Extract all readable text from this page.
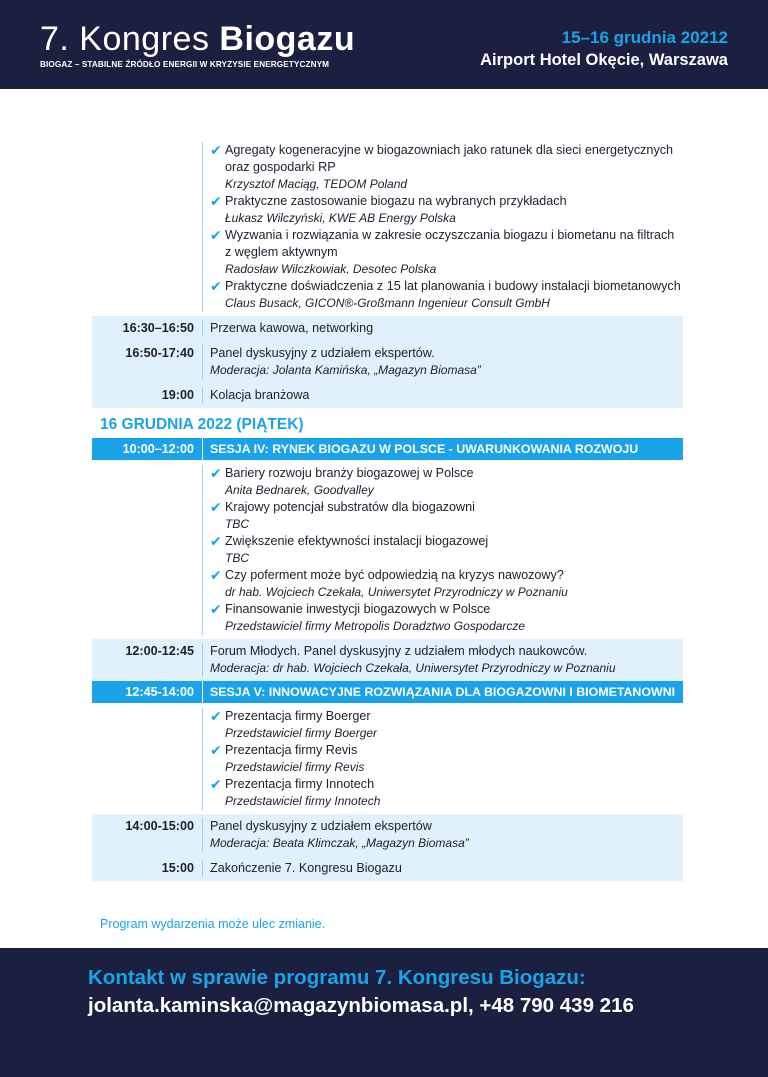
7. Kongres Biogazu
BIOGAZ – STABILNE ŹRÓDŁO ENERGII W KRYZYSIE ENERGETYCZNYM
15–16 grudnia 20212
Airport Hotel Okęcie, Warszawa
✔ Agregaty kogeneracyjne w biogazowniach jako ratunek dla sieci energetycznych oraz gospodarki RP
Krzysztof Maciąg, TEDOM Poland
✔ Praktyczne zastosowanie biogazu na wybranych przykładach
Łukasz Wilczyński, KWE AB Energy Polska
✔ Wyzwania i rozwiązania w zakresie oczyszczania biogazu i biometanu na filtrach z węglem aktywnym
Radosław Wilczkowiak, Desotec Polska
✔ Praktyczne doświadczenia z 15 lat planowania i budowy instalacji biometanowych
Claus Busack, GICON®-Großmann Ingenieur Consult GmbH
16:30–16:50	Przerwa kawowa, networking
16:50-17:40	Panel dyskusyjny z udziałem ekspertów.
Moderacja: Jolanta Kamińska, „Magazyn Biomasa”
19:00	Kolacja branżowa
16 GRUDNIA 2022 (PIĄTEK)
10:00–12:00	SESJA IV: RYNEK BIOGAZU W POLSCE - UWARUNKOWANIA ROZWOJU
✔ Bariery rozwoju branży biogazowej w Polsce
Anita Bednarek, Goodvalley
✔ Krajowy potencjał substratów dla biogazowni
TBC
✔ Zwiększenie efektywności instalacji biogazowej
TBC
✔ Czy poferment może być odpowiedzią na kryzys nawozowy?
dr hab. Wojciech Czekała, Uniwersytet Przyrodniczy w Poznaniu
✔ Finansowanie inwestycji biogazowych w Polsce
Przedstawiciel firmy Metropolis Doradztwo Gospodarcze
12:00-12:45	Forum Młodych. Panel dyskusyjny z udziałem młodych naukowców.
Moderacja: dr hab. Wojciech Czekała, Uniwersytet Przyrodniczy w Poznaniu
12:45-14:00	SESJA V: INNOWACYJNE ROZWIĄZANIA DLA BIOGAZOWNI I BIOMETANOWNI
✔ Prezentacja firmy Boerger
Przedstawiciel firmy Boerger
✔ Prezentacja firmy Revis
Przedstawiciel firmy Revis
✔ Prezentacja firmy Innotech
Przedstawiciel firmy Innotech
14:00-15:00	Panel dyskusyjny z udziałem ekspertów
Moderacja: Beata Klimczak, „Magazyn Biomasa”
15:00	Zakończenie 7. Kongresu Biogazu
Program wydarzenia może ulec zmianie.
Kontakt w sprawie programu 7. Kongresu Biogazu:
jolanta.kaminska@magazynbiomasa.pl, +48 790 439 216
